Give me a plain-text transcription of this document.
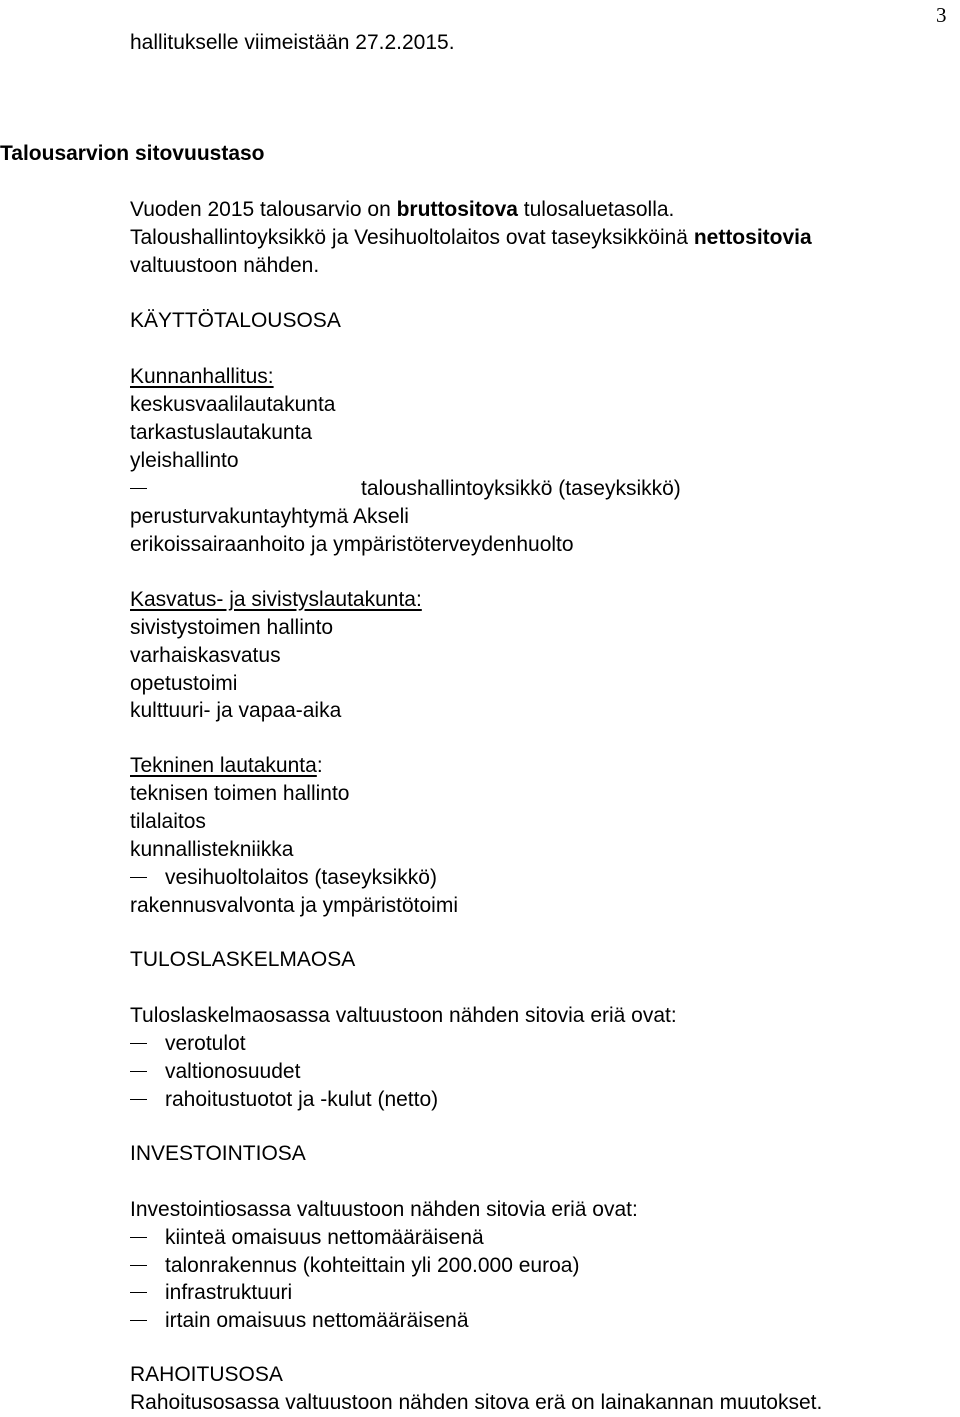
3
hallitukselle viimeistään 27.2.2015.
Talousarvion sitovuustaso
Vuoden 2015 talousarvio on bruttositova tulosaluetasolla.
Taloushallintoyksikkö ja Vesihuoltolaitos ovat taseyksikköinä nettositovia
valtuustoon nähden.
KÄYTTÖTALOUSOSA
Kunnanhallitus:
keskusvaalilautakunta
tarkastuslautakunta
yleishallinto
taloushallintoyksikkö (taseyksikkö)
perusturvakuntayhtymä Akseli
erikoissairaanhoito ja ympäristöterveydenhuolto
Kasvatus- ja sivistyslautakunta:
sivistystoimen hallinto
varhaiskasvatus
opetustoimi
kulttuuri- ja vapaa-aika
Tekninen lautakunta:
teknisen toimen hallinto
tilalaitos
kunnallistekniikka
vesihuoltolaitos (taseyksikkö)
rakennusvalvonta ja ympäristötoimi
TULOSLASKELMAOSA
Tuloslaskelmaosassa valtuustoon nähden sitovia eriä ovat:
verotulot
valtionosuudet
rahoitustuotot ja -kulut (netto)
INVESTOINTIOSA
Investointiosassa valtuustoon nähden sitovia eriä ovat:
kiinteä omaisuus nettomääräisenä
talonrakennus (kohteittain yli 200.000 euroa)
infrastruktuuri
irtain omaisuus nettomääräisenä
RAHOITUSOSA
Rahoitusosassa valtuustoon nähden sitova erä on lainakannan muutokset.
